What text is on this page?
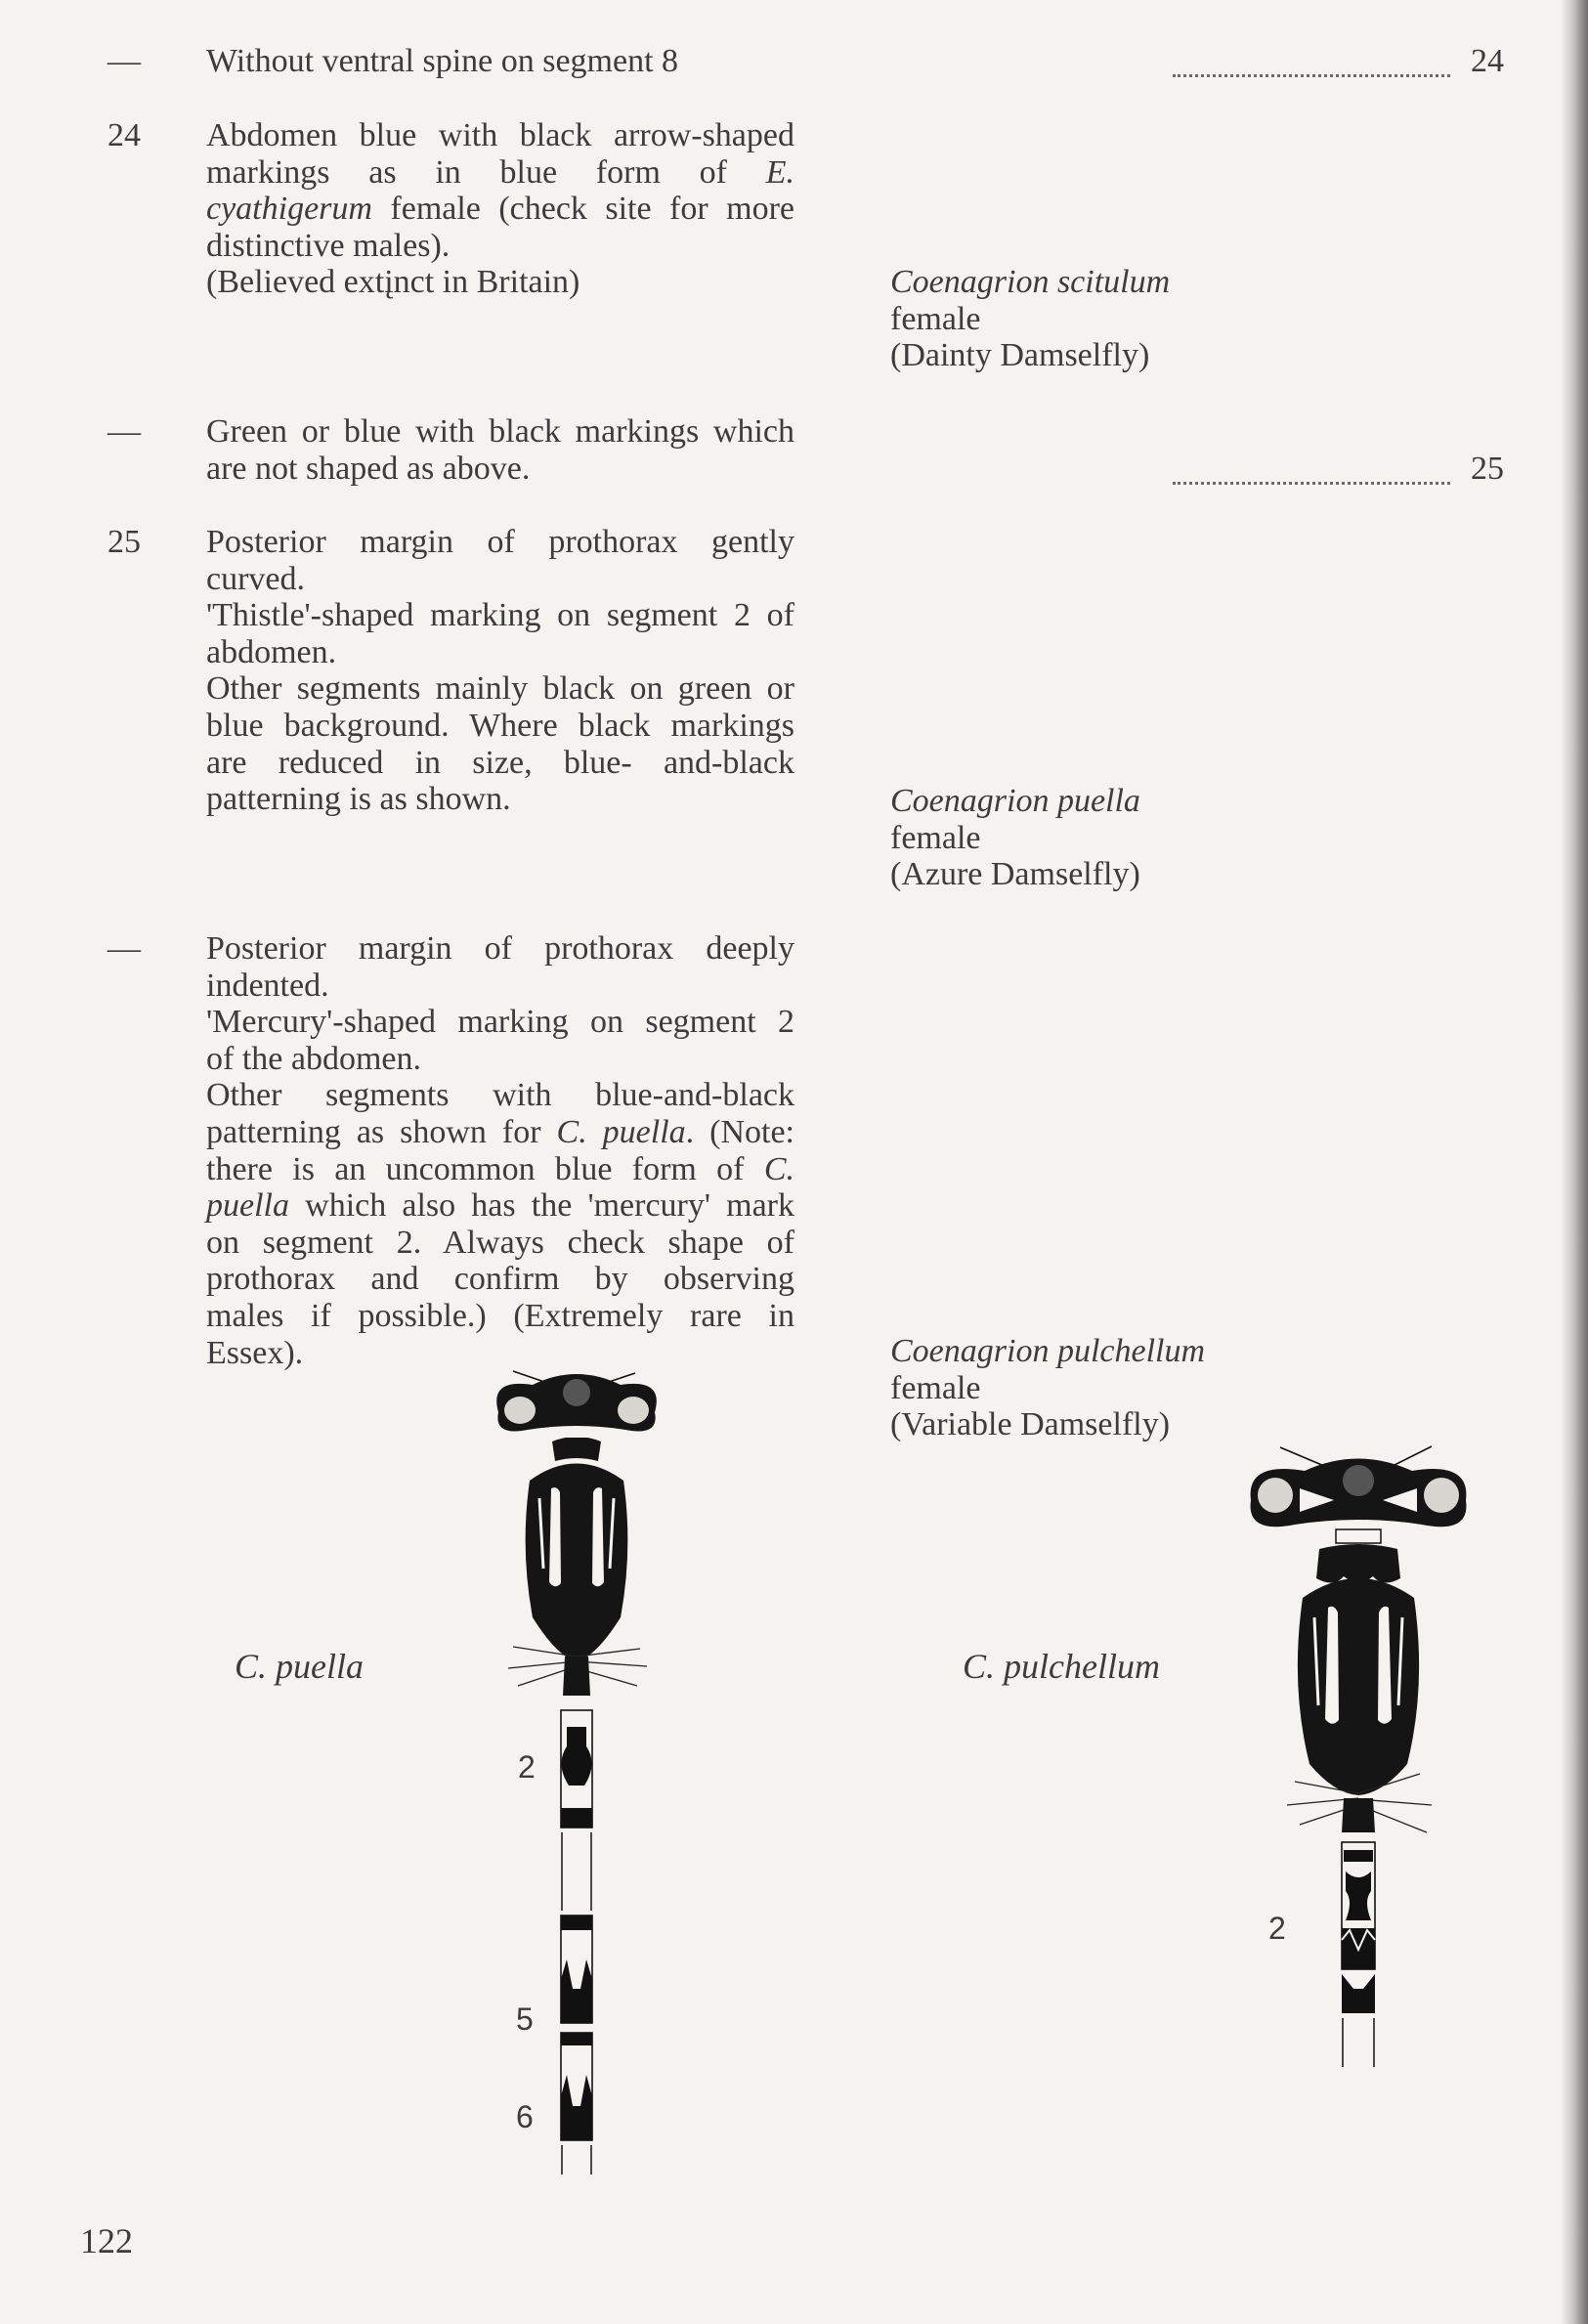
— Without ventral spine on segment 8	24
24 Abdomen blue with black arrow-shaped
markings as in blue form of E.
cyathigerum female (check site for more
distinctive males).
(Believed extįnct in Britain)	Coenagrion scitulum
female
(Dainty Damselfly)
— Green or blue with black markings which
are not shaped as above.	25
25 Posterior margin of prothorax gently
curved.
'Thistle'-shaped marking on segment 2 of
abdomen.
Other segments mainly black on green or
blue background. Where black markings
are reduced in size, blue- and-black
patterning is as shown.	Coenagrion puella
female
(Azure Damselfly)
— Posterior margin of prothorax deeply
indented.
'Mercury'-shaped marking on segment 2
of the abdomen.
Other segments with blue-and-black
patterning as shown for C. puella. (Note:
there is an uncommon blue form of C.
puella which also has the 'mercury' mark
on segment 2. Always check shape of
prothorax and confirm by observing
males if possible.) (Extremely rare in
Essex).	Coenagrion pulchellum
female
(Variable Damselfly)
C. puella	C. pulchellum
2
5
6
2
122
